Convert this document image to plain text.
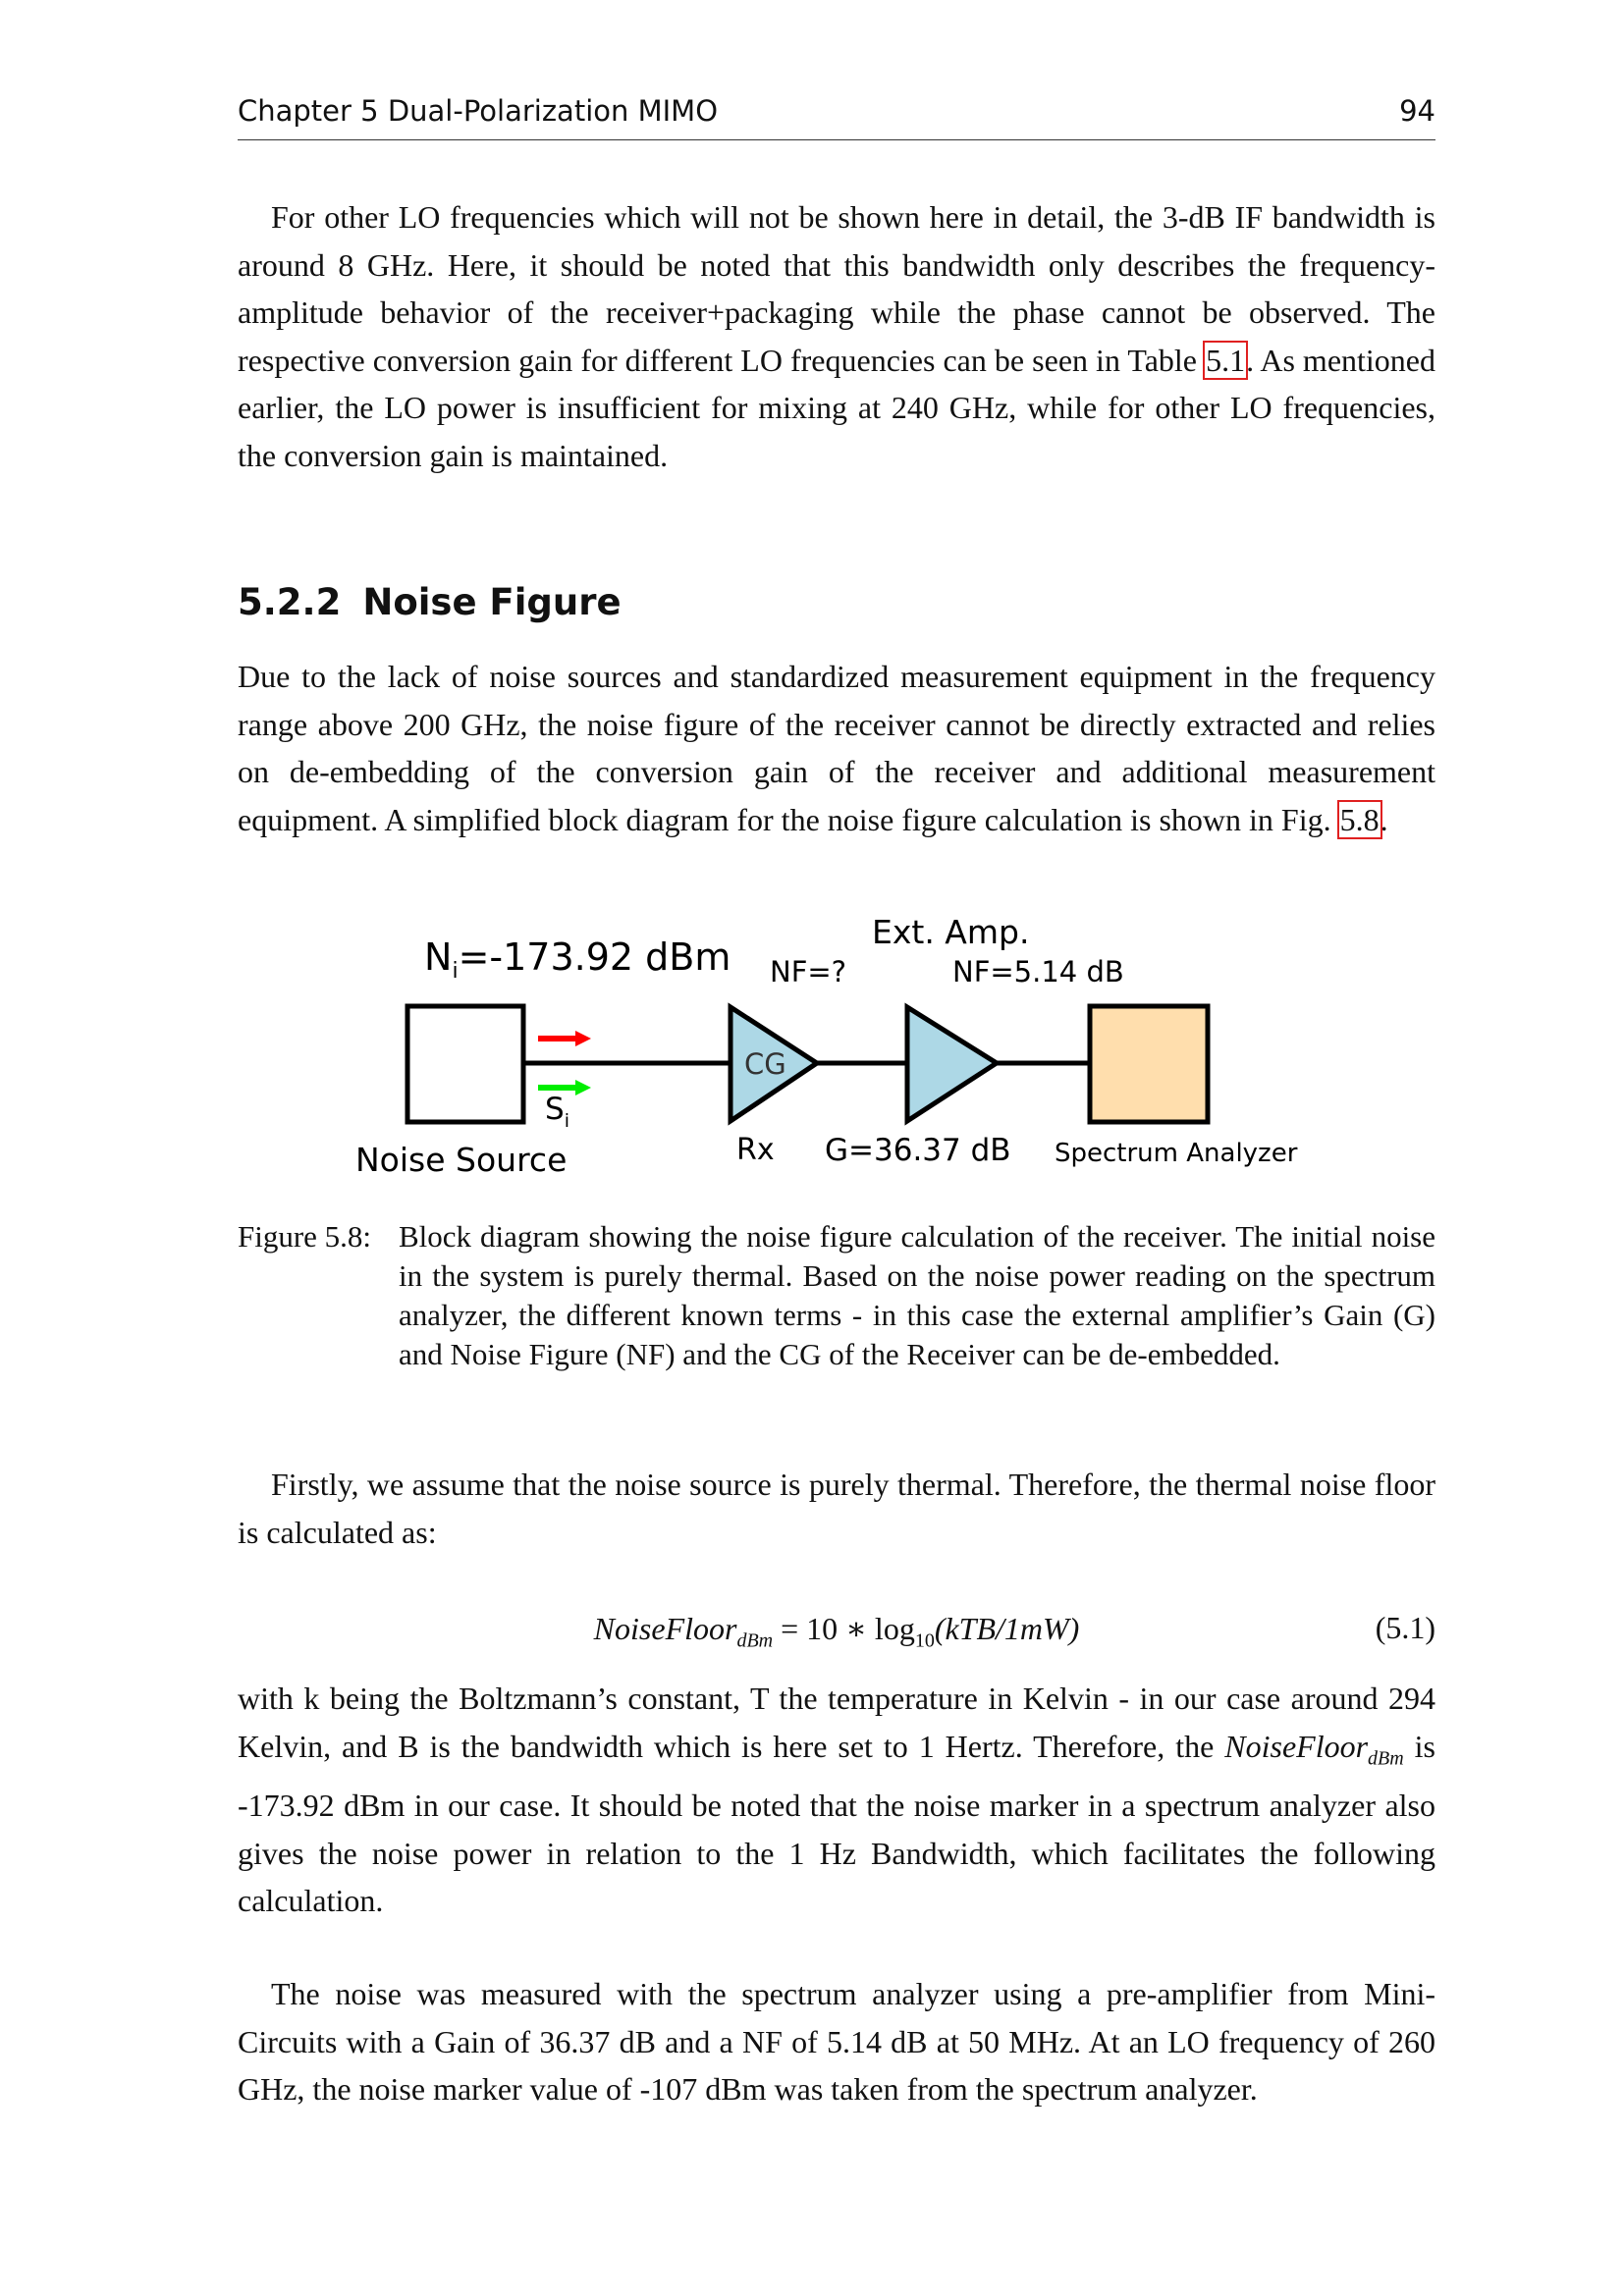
Chapter 5 Dual-Polarization MIMO	94

For other LO frequencies which will not be shown here in detail, the 3-dB IF bandwidth is around 8 GHz. Here, it should be noted that this bandwidth only describes the frequency-amplitude behavior of the receiver+packaging while the phase cannot be observed. The respective conversion gain for different LO frequencies can be seen in Table 5.1. As mentioned earlier, the LO power is insufficient for mixing at 240 GHz, while for other LO frequencies, the conversion gain is maintained.

5.2.2 Noise Figure

Due to the lack of noise sources and standardized measurement equipment in the frequency range above 200 GHz, the noise figure of the receiver cannot be directly extracted and relies on de-embedding of the conversion gain of the receiver and additional measurement equipment. A simplified block diagram for the noise figure calculation is shown in Fig. 5.8.

$N_i=-173.92$ dBm NF=?
Ext. Amp.
NF=5.14 dB
CG
$S_i$
Noise Source	Rx G=36.37 dB Spectrum Analyzer
Figure 5.8: Block diagram showing the noise figure calculation of the receiver. The initial noise in the system is purely thermal. Based on the noise power reading on the spectrum analyzer, the different known terms - in this case the external amplifier’s Gain (G) and Noise Figure (NF) and the CG of the Receiver can be de-embedded.

Firstly, we assume that the noise source is purely thermal. Therefore, the thermal noise floor is calculated as:

NoiseFloor$_{dBm}$ = 10 ∗ $\log_{10}(kTB/1mW)$	(5.1)

with k being the Boltzmann’s constant, T the temperature in Kelvin - in our case around 294 Kelvin, and B is the bandwidth which is here set to 1 Hertz. Therefore, the NoiseFloor$_{dBm}$ is -173.92 dBm in our case. It should be noted that the noise marker in a spectrum analyzer also gives the noise power in relation to the 1 Hz Bandwidth, which facilitates the following calculation.

The noise was measured with the spectrum analyzer using a pre-amplifier from Mini-Circuits with a Gain of 36.37 dB and a NF of 5.14 dB at 50 MHz. At an LO frequency of 260 GHz, the noise marker value of -107 dBm was taken from the spectrum analyzer.
